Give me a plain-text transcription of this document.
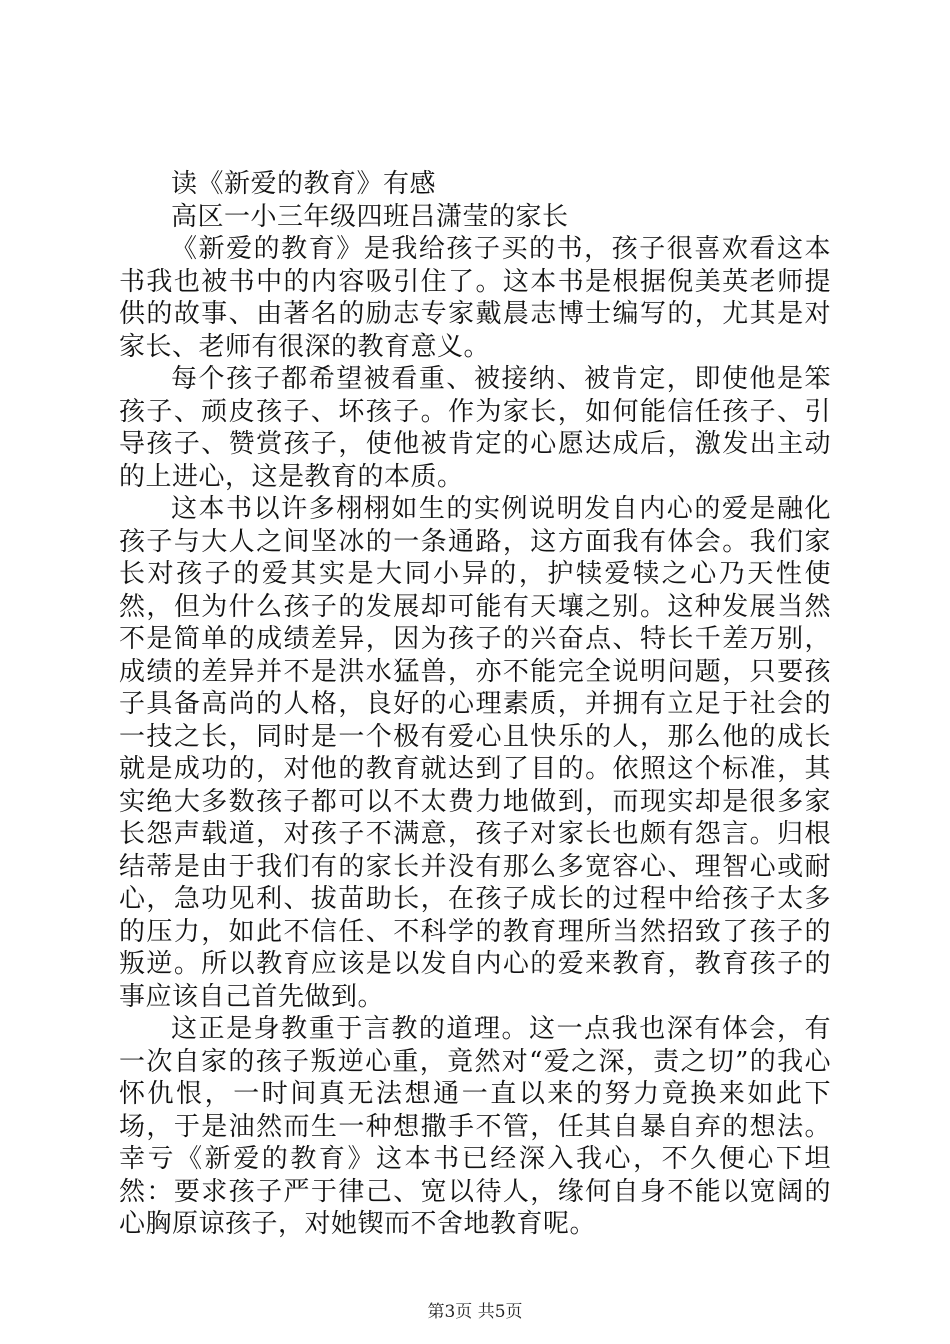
读《新爱的教育》有感

高区一小三年级四班吕潇莹的家长

《新爱的教育》是我给孩子买的书，孩子很喜欢看这本书我也被书中的内容吸引住了。这本书是根据倪美英老师提供的故事、由著名的励志专家戴晨志博士编写的，尤其是对家长、老师有很深的教育意义。

每个孩子都希望被看重、被接纳、被肯定，即使他是笨孩子、顽皮孩子、坏孩子。作为家长，如何能信任孩子、引导孩子、赞赏孩子，使他被肯定的心愿达成后，激发出主动的上进心，这是教育的本质。

这本书以许多栩栩如生的实例说明发自内心的爱是融化孩子与大人之间坚冰的一条通路，这方面我有体会。我们家长对孩子的爱其实是大同小异的，护犊爱犊之心乃天性使然，但为什么孩子的发展却可能有天壤之别。这种发展当然不是简单的成绩差异，因为孩子的兴奋点、特长千差万别，成绩的差异并不是洪水猛兽，亦不能完全说明问题，只要孩子具备高尚的人格，良好的心理素质，并拥有立足于社会的一技之长，同时是一个极有爱心且快乐的人，那么他的成长就是成功的，对他的教育就达到了目的。依照这个标准，其实绝大多数孩子都可以不太费力地做到，而现实却是很多家长怨声载道，对孩子不满意，孩子对家长也颇有怨言。归根结蒂是由于我们有的家长并没有那么多宽容心、理智心或耐心，急功见利、拔苗助长，在孩子成长的过程中给孩子太多的压力，如此不信任、不科学的教育理所当然招致了孩子的叛逆。所以教育应该是以发自内心的爱来教育，教育孩子的事应该自己首先做到。

这正是身教重于言教的道理。这一点我也深有体会，有一次自家的孩子叛逆心重，竟然对“爱之深，责之切”的我心怀仇恨，一时间真无法想通一直以来的努力竟换来如此下场，于是油然而生一种想撒手不管，任其自暴自弃的想法。幸亏《新爱的教育》这本书已经深入我心，不久便心下坦然：要求孩子严于律己、宽以待人，缘何自身不能以宽阔的心胸原谅孩子，对她锲而不舍地教育呢。

第3页 共5页
